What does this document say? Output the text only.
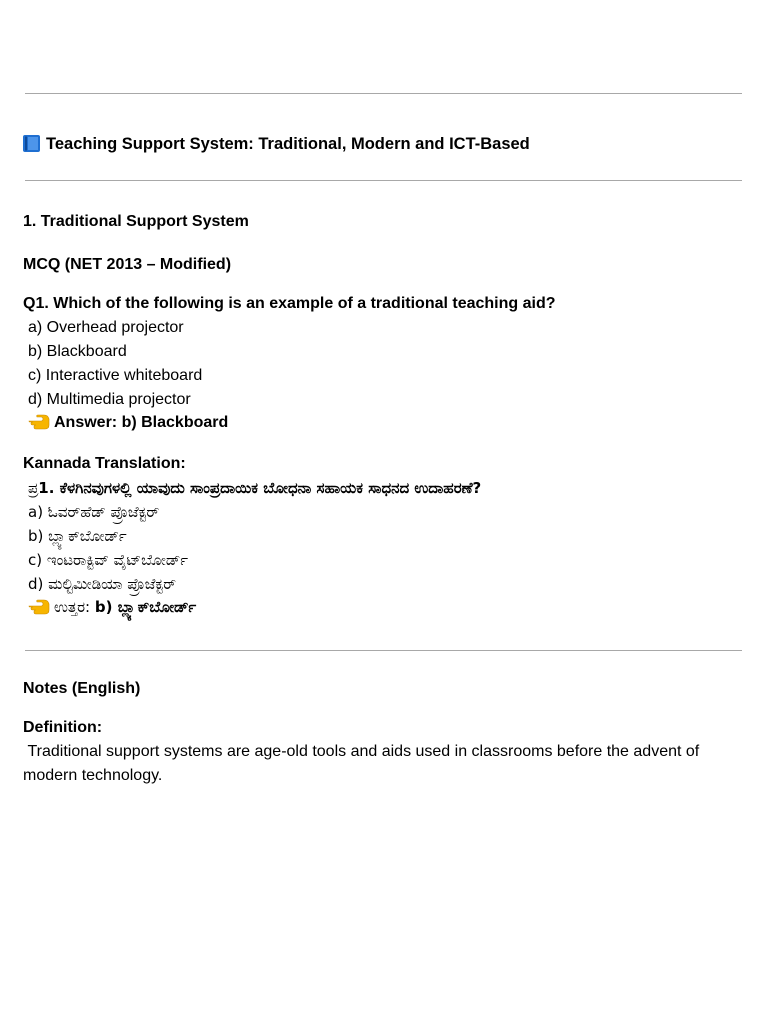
Teaching Support System: Traditional, Modern and ICT-Based
1. Traditional Support System
MCQ (NET 2013 – Modified)
Q1. Which of the following is an example of a traditional teaching aid?
a) Overhead projector
b) Blackboard
c) Interactive whiteboard
d) Multimedia projector
Answer: b) Blackboard
Kannada Translation:
ಪ್ರ1. ಕೆಳಗಿನವುಗಳಲ್ಲಿ ಯಾವುದು ಸಾಂಪ್ರದಾಯಿಕ ಬೋಧನಾ ಸಹಾಯಕ ಸಾಧನದ ಉದಾಹರಣೆ?
a) ಓವರ್‌ಹೆಡ್ ಪ್ರೊಜೆಕ್ಟರ್
b) ಬ್ಲ್ಯಾಕ್‌ಬೋರ್ಡ್
c) ಇಂಟರಾಕ್ಟಿವ್ ವೈಟ್‌ಬೋರ್ಡ್
d) ಮಲ್ಟಿಮೀಡಿಯಾ ಪ್ರೊಜೆಕ್ಟರ್
ಉತ್ತರ: b) ಬ್ಲ್ಯಾಕ್‌ಬೋರ್ಡ್
Notes (English)
Definition:
Traditional support systems are age-old tools and aids used in classrooms before the advent of modern technology.
